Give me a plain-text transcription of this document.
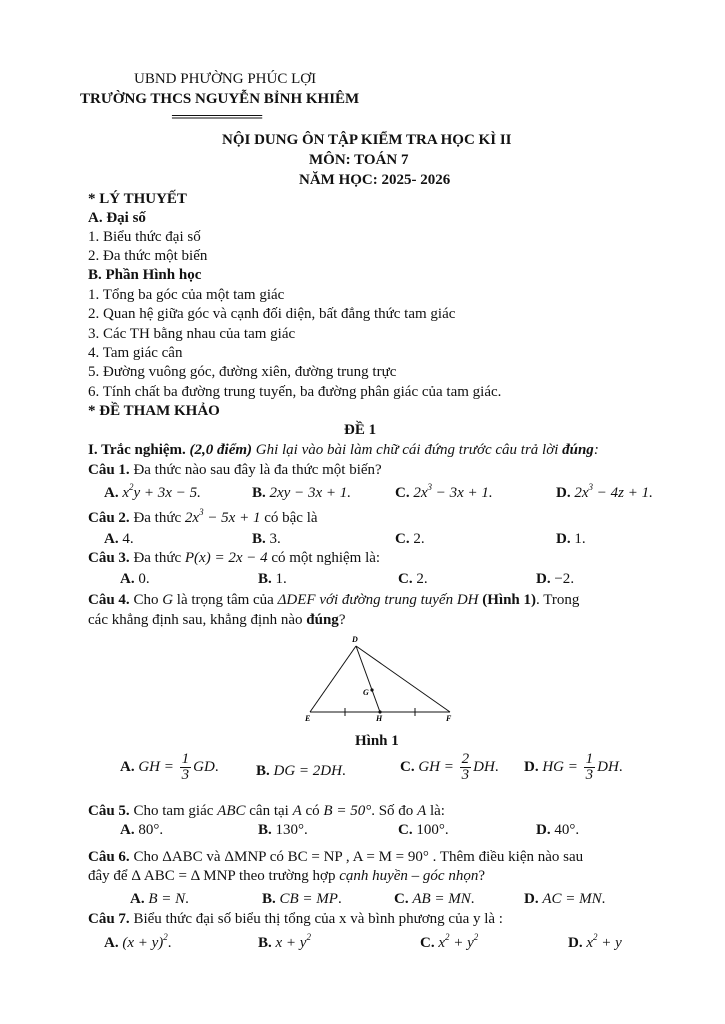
UBND PHƯỜNG PHÚC LỢI
TRƯỜNG THCS NGUYỄN BỈNH KHIÊM
══════════
NỘI DUNG ÔN TẬP KIỂM TRA HỌC KÌ II
MÔN: TOÁN 7
NĂM HỌC: 2025- 2026
* LÝ THUYẾT
A. Đại số
1. Biểu thức đại số
2. Đa thức một biến
B. Phần Hình học
1. Tổng ba góc của một tam giác
2. Quan hệ giữa góc và cạnh đối diện, bất đẳng thức tam giác
3. Các TH bằng nhau của tam giác
4. Tam giác cân
5. Đường vuông góc, đường xiên, đường trung trực
6. Tính chất ba đường trung tuyến, ba đường phân giác của tam giác.
* ĐỀ THAM KHẢO
ĐỀ 1
I. Trắc nghiệm. (2,0 điểm) Ghi lại vào bài làm chữ cái đứng trước câu trả lời đúng:
Câu 1. Đa thức nào sau đây là đa thức một biến?
A. $x^2y + 3x - 5$.	B. 2xy − 3x + 1.	C. $2x^3 - 3x + 1$.	D. $2x^3 - 4z + 1$.
Câu 2. Đa thức $2x^3 - 5x + 1$ có bậc là
A. 4.	B. 3.	C. 2.	D. 1.
Câu 3. Đa thức P(x) = 2x − 4 có một nghiệm là:
A. 0.	B. 1.	C. 2.	D. −2.
Câu 4. Cho G là trọng tâm của ΔDEF với đường trung tuyến DH (Hình 1). Trong
các khẳng định sau, khẳng định nào đúng?
D
E	F
G
H
Hình 1
A. GH = $\frac{1}{3}$ GD. B. DG = 2DH.	C. GH = $\frac{2}{3}$ DH. D. HG = $\frac{1}{3}$ DH.
Câu 5. Cho tam giác ABC cân tại A có B = 50°. Số đo A là:
A. 80°.	B. 130°.	C. 100°.	D. 40°.
Câu 6. Cho ΔABC và ΔMNP có BC = NP , A = M = 90° . Thêm điều kiện nào sau
đây để Δ ABC = Δ MNP theo trường hợp cạnh huyền – góc nhọn?
A. B = N.	B. CB = MP.	C. AB = MN.	D. AC = MN.
Câu 7. Biểu thức đại số biểu thị tổng của x và bình phương của y là :
A. $(x + y)^2$.	B. $x + y^2$	C. $x^2 + y^2$	D. $x^2 + y$
